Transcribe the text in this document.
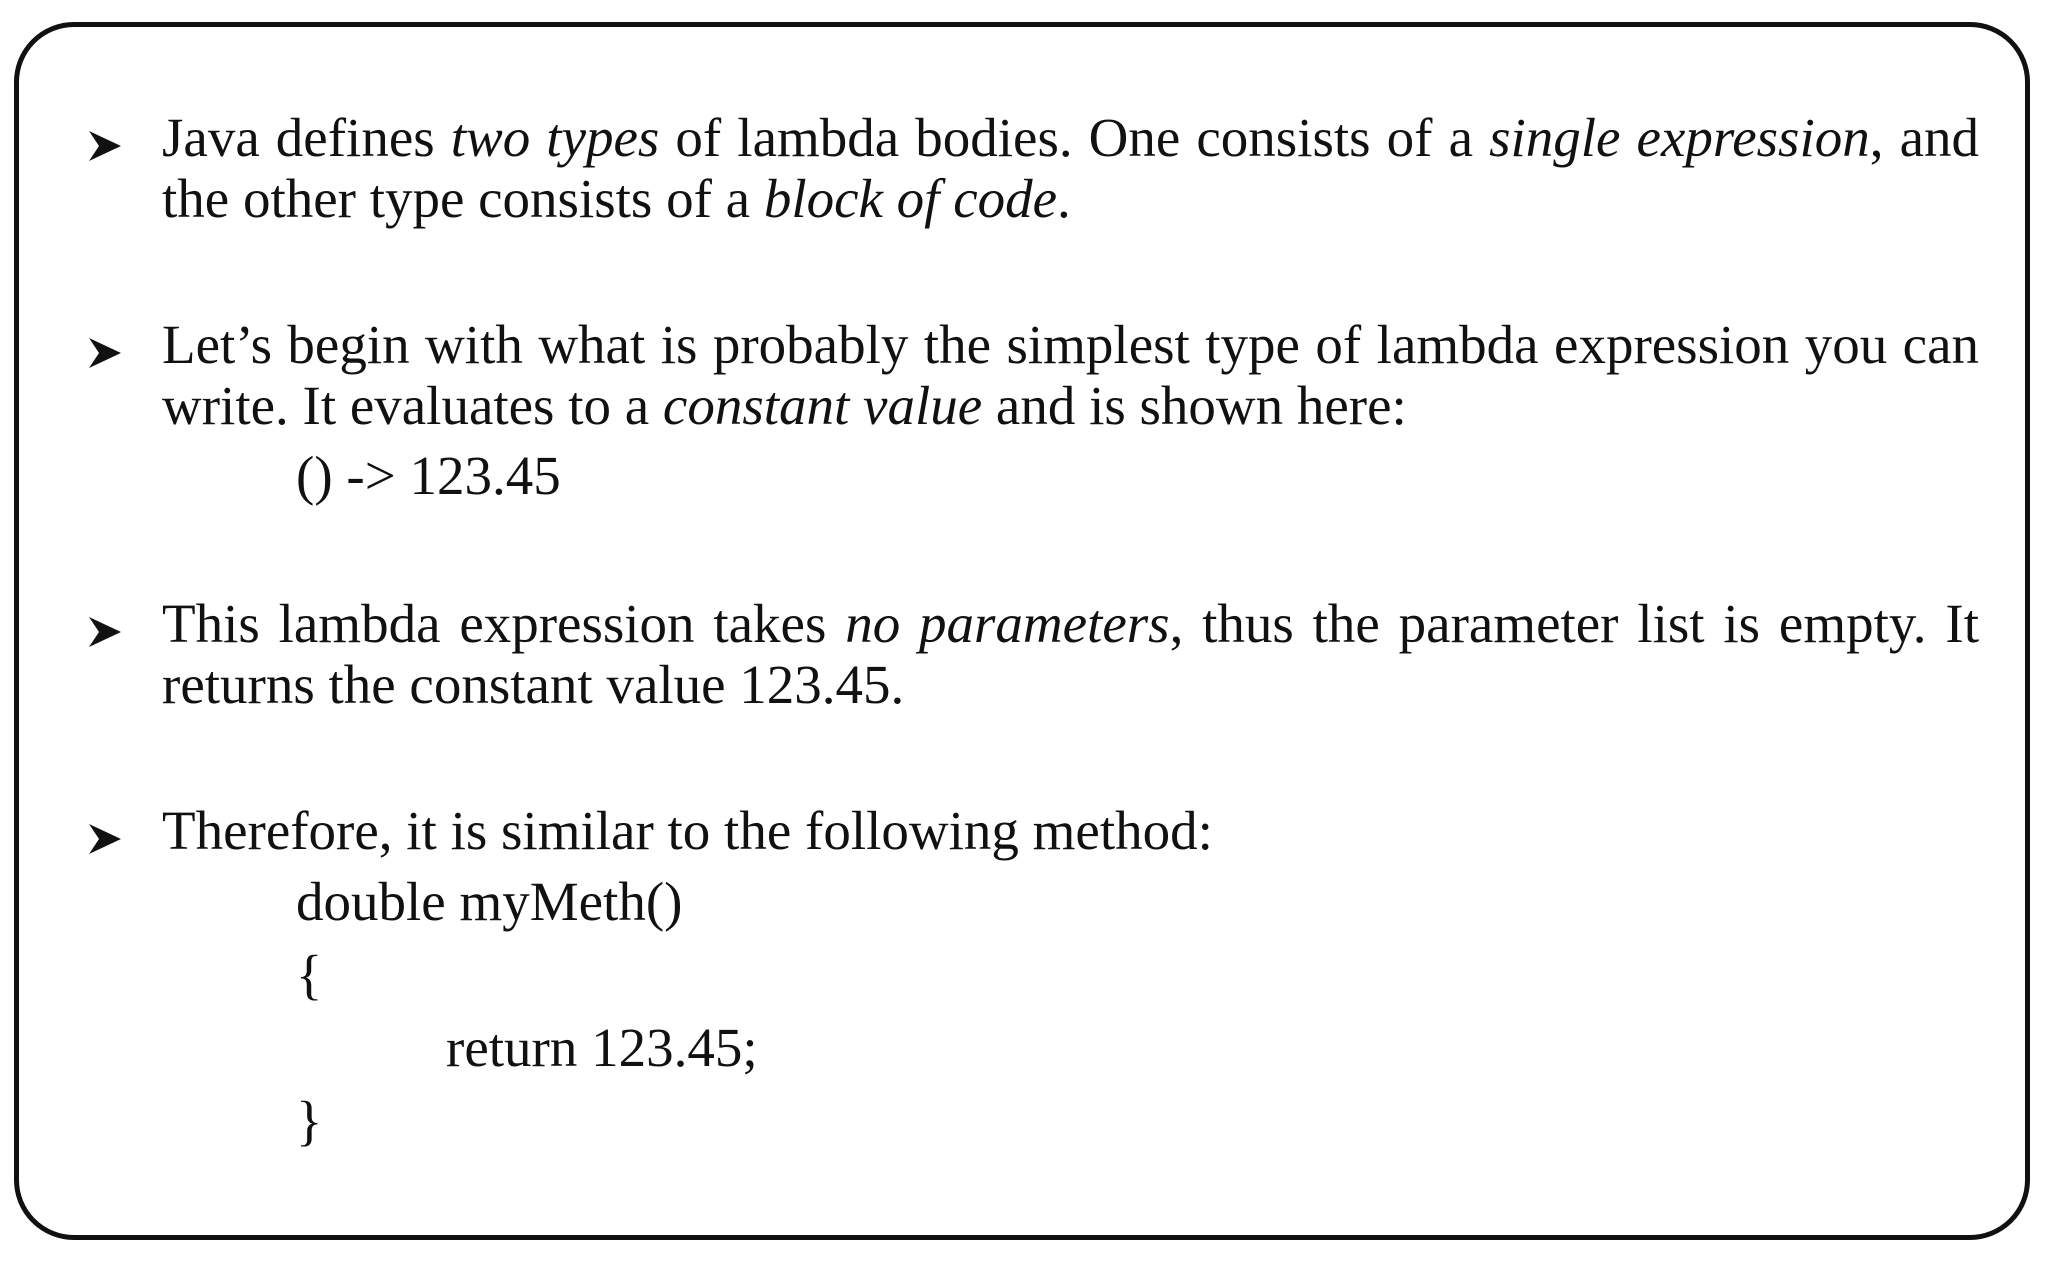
Java defines two types of lambda bodies. One consists of a single expression, and the other type consists of a block of code.
Let’s begin with what is probably the simplest type of lambda expression you can write. It evaluates to a constant value and is shown here:
() -> 123.45
This lambda expression takes no parameters, thus the parameter list is empty. It returns the constant value 123.45.
Therefore, it is similar to the following method:
double myMeth()
{
return 123.45;
}
